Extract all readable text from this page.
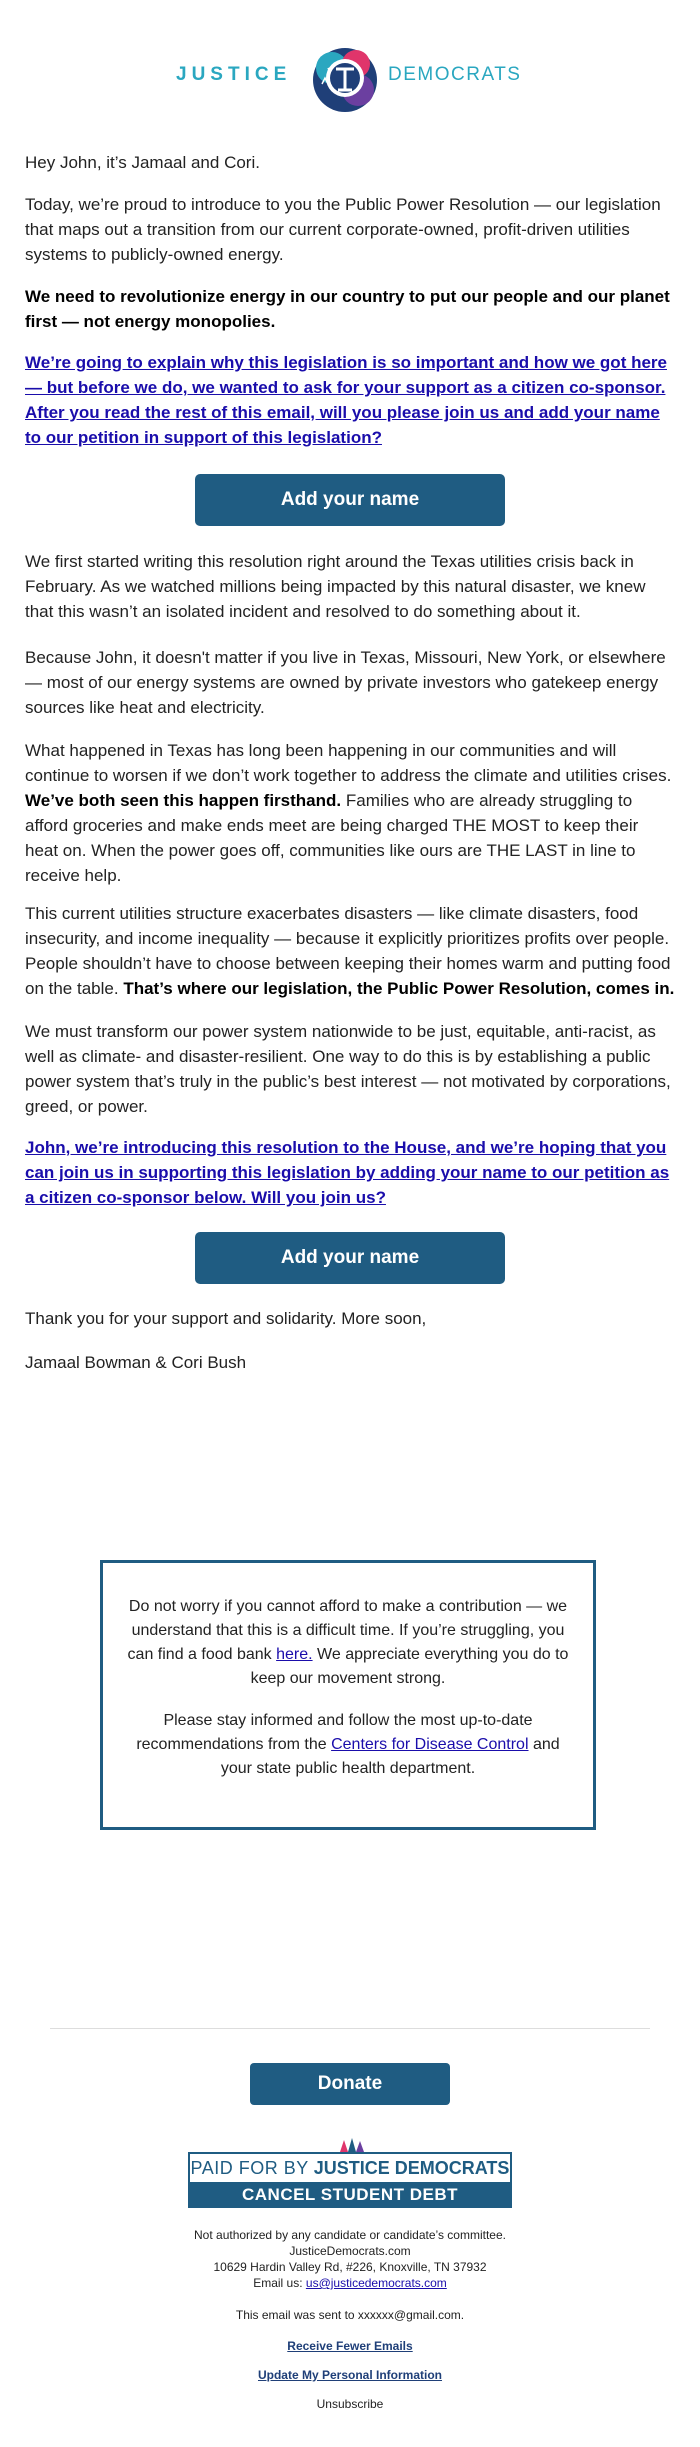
JUSTICE	DEMOCRATS

Hey John, it’s Jamaal and Cori.

Today, we’re proud to introduce to you the Public Power Resolution — our legislation that maps out a transition from our current corporate-owned, profit-driven utilities systems to publicly-owned energy.

We need to revolutionize energy in our country to put our people and our planet first — not energy monopolies.

We’re going to explain why this legislation is so important and how we got here — but before we do, we wanted to ask for your support as a citizen co-sponsor. After you read the rest of this email, will you please join us and add your name to our petition in support of this legislation?

Add your name

We first started writing this resolution right around the Texas utilities crisis back in February. As we watched millions being impacted by this natural disaster, we knew that this wasn’t an isolated incident and resolved to do something about it.

Because John, it doesn't matter if you live in Texas, Missouri, New York, or elsewhere — most of our energy systems are owned by private investors who gatekeep energy sources like heat and electricity.

What happened in Texas has long been happening in our communities and will continue to worsen if we don’t work together to address the climate and utilities crises. We’ve both seen this happen firsthand. Families who are already struggling to afford groceries and make ends meet are being charged THE MOST to keep their heat on. When the power goes off, communities like ours are THE LAST in line to receive help.

This current utilities structure exacerbates disasters — like climate disasters, food insecurity, and income inequality — because it explicitly prioritizes profits over people. People shouldn’t have to choose between keeping their homes warm and putting food on the table. That’s where our legislation, the Public Power Resolution, comes in.

We must transform our power system nationwide to be just, equitable, anti-racist, as well as climate- and disaster-resilient. One way to do this is by establishing a public power system that’s truly in the public’s best interest — not motivated by corporations, greed, or power.

John, we’re introducing this resolution to the House, and we’re hoping that you can join us in supporting this legislation by adding your name to our petition as a citizen co-sponsor below. Will you join us?

Add your name

Thank you for your support and solidarity. More soon,

Jamaal Bowman & Cori Bush

Do not worry if you cannot afford to make a contribution — we understand that this is a difficult time. If you’re struggling, you can find a food bank here. We appreciate everything you do to keep our movement strong.

Please stay informed and follow the most up-to-date recommendations from the Centers for Disease Control and your state public health department.

Donate
PAID FOR BY JUSTICE DEMOCRATS
CANCEL STUDENT DEBT

Not authorized by any candidate or candidate’s committee.

JusticeDemocrats.com

10629 Hardin Valley Rd, #226, Knoxville, TN 37932

Email us: us@justicedemocrats.com

This email was sent to xxxxxx@gmail.com.

Receive Fewer Emails

Update My Personal Information

Unsubscribe
